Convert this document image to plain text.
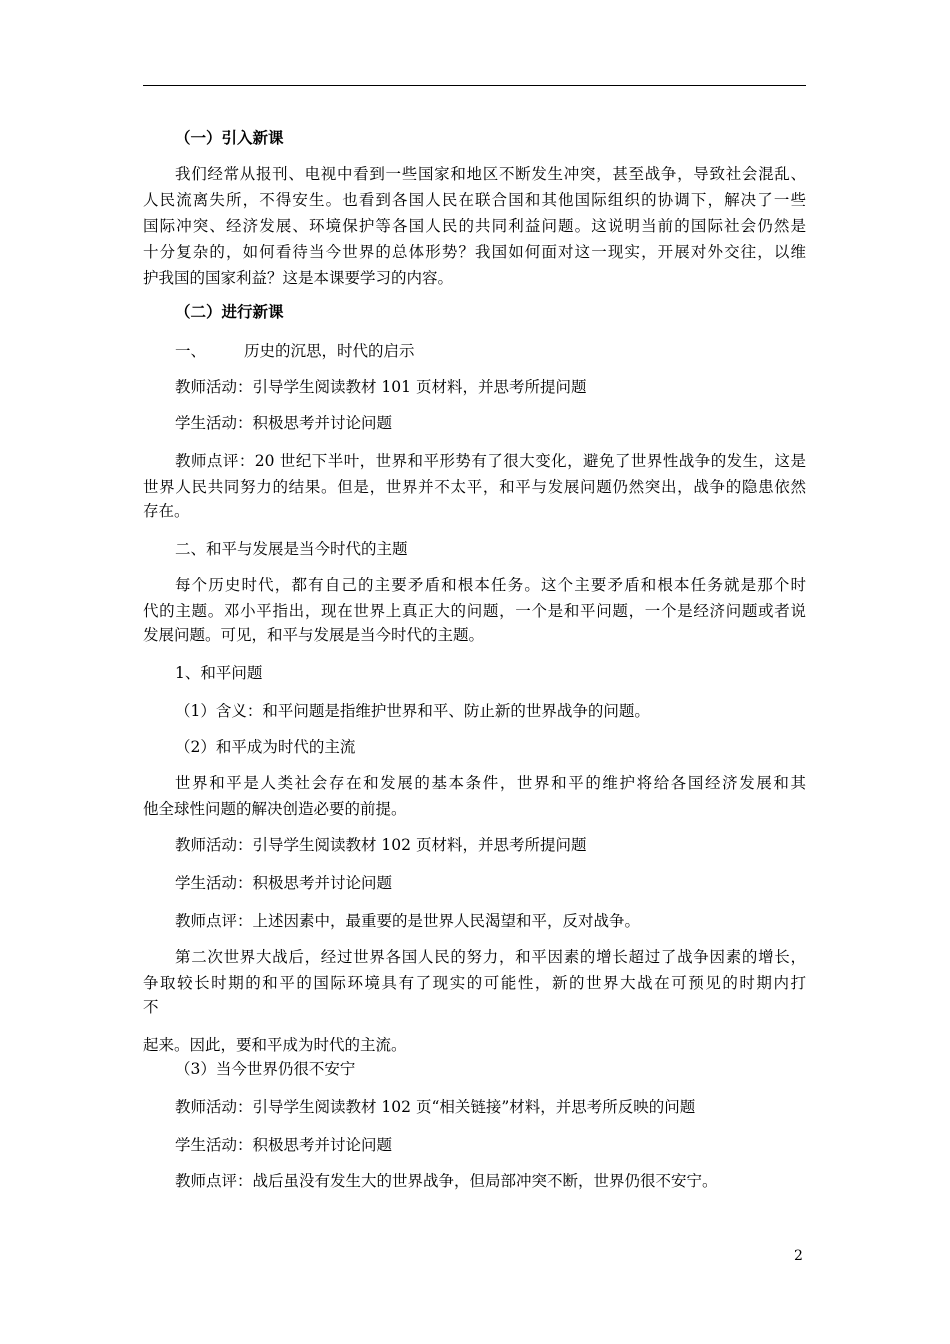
（一）引入新课
我们经常从报刊、电视中看到一些国家和地区不断发生冲突，甚至战争，导致社会混乱、
人民流离失所，不得安生。也看到各国人民在联合国和其他国际组织的协调下，解决了一些
国际冲突、经济发展、环境保护等各国人民的共同利益问题。这说明当前的国际社会仍然是
十分复杂的，如何看待当今世界的总体形势？我国如何面对这一现实，开展对外交往，以维
护我国的国家利益？这是本课要学习的内容。
（二）进行新课
一、 历史的沉思，时代的启示
教师活动：引导学生阅读教材 101 页材料，并思考所提问题
学生活动：积极思考并讨论问题
教师点评：20 世纪下半叶，世界和平形势有了很大变化，避免了世界性战争的发生，这是
世界人民共同努力的结果。但是，世界并不太平，和平与发展问题仍然突出，战争的隐患依然
存在。
二、和平与发展是当今时代的主题
每个历史时代，都有自己的主要矛盾和根本任务。这个主要矛盾和根本任务就是那个时
代的主题。邓小平指出，现在世界上真正大的问题，一个是和平问题，一个是经济问题或者说
发展问题。可见，和平与发展是当今时代的主题。
1、和平问题
（1）含义：和平问题是指维护世界和平、防止新的世界战争的问题。
（2）和平成为时代的主流
世界和平是人类社会存在和发展的基本条件，世界和平的维护将给各国经济发展和其
他全球性问题的解决创造必要的前提。
教师活动：引导学生阅读教材 102 页材料，并思考所提问题
学生活动：积极思考并讨论问题
教师点评：上述因素中，最重要的是世界人民渴望和平，反对战争。
第二次世界大战后，经过世界各国人民的努力，和平因素的增长超过了战争因素的增长，
争取较长时期的和平的国际环境具有了现实的可能性，新的世界大战在可预见的时期内打
不
起来。因此，要和平成为时代的主流。
（3）当今世界仍很不安宁
教师活动：引导学生阅读教材 102 页“相关链接”材料，并思考所反映的问题
学生活动：积极思考并讨论问题
教师点评：战后虽没有发生大的世界战争，但局部冲突不断，世界仍很不安宁。
2
